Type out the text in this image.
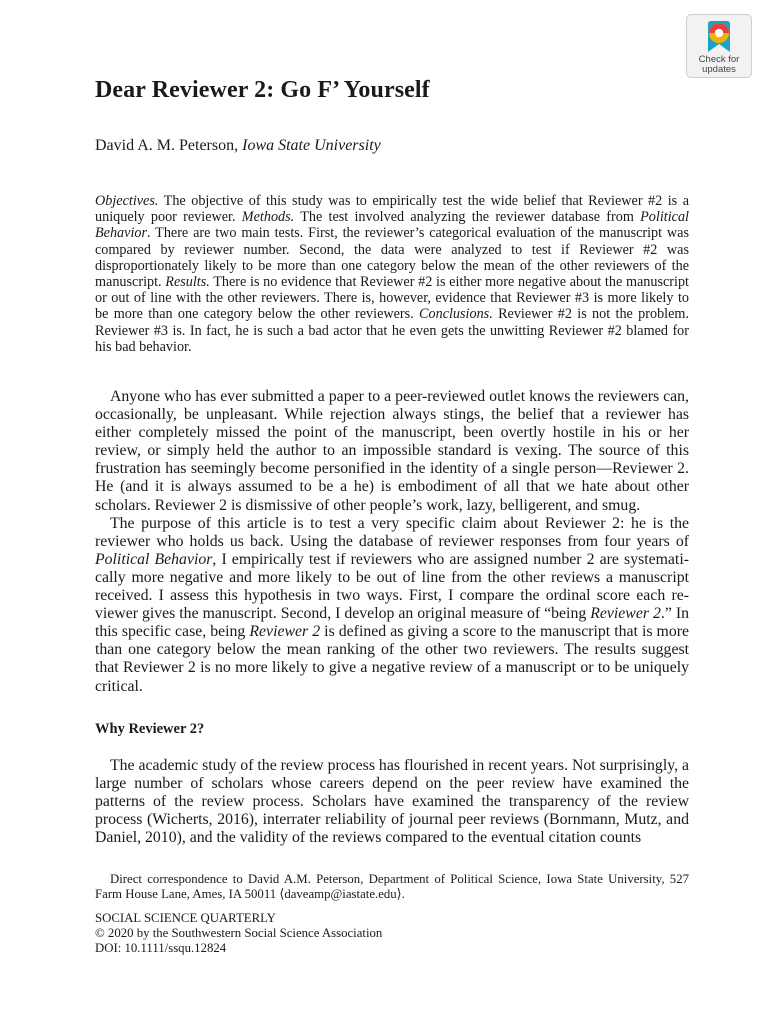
Check for
updates
Dear Reviewer 2: Go F’ Yourself
David A. M. Peterson, Iowa State University
Objectives. The objective of this study was to empirically test the wide belief that Reviewer #2 is a uniquely poor reviewer. Methods. The test involved analyzing the reviewer database from Political Behavior. There are two main tests. First, the reviewer’s categorical evaluation of the manuscript was compared by reviewer number. Second, the data were analyzed to test if Reviewer #2 was disproportionately likely to be more than one category below the mean of the other reviewers of the manuscript. Results. There is no evidence that Reviewer #2 is either more negative about the manuscript or out of line with the other reviewers. There is, however, evidence that Reviewer #3 is more likely to be more than one category below the other reviewers. Conclusions. Reviewer #2 is not the problem. Reviewer #3 is. In fact, he is such a bad actor that he even gets the unwitting Reviewer #2 blamed for his bad behavior.

Anyone who has ever submitted a paper to a peer-reviewed outlet knows the reviewers can, occasionally, be unpleasant. While rejection always stings, the belief that a reviewer has either completely missed the point of the manuscript, been overtly hostile in his or her review, or simply held the author to an impossible standard is vexing. The source of this frustration has seemingly become personified in the identity of a single person—Reviewer 2. He (and it is always assumed to be a he) is embodiment of all that we hate about other scholars. Reviewer 2 is dismissive of other people’s work, lazy, belligerent, and smug.

The purpose of this article is to test a very specific claim about Reviewer 2: he is the reviewer who holds us back. Using the database of reviewer responses from four years of Political Behavior, I empirically test if reviewers who are assigned number 2 are systematically more negative and more likely to be out of line from the other reviews a manuscript received. I assess this hypothesis in two ways. First, I compare the ordinal score each reviewer gives the manuscript. Second, I develop an original measure of “being Reviewer 2.” In this specific case, being Reviewer 2 is defined as giving a score to the manuscript that is more than one category below the mean ranking of the other two reviewers. The results suggest that Reviewer 2 is no more likely to give a negative review of a manuscript or to be uniquely critical.

Why Reviewer 2?

The academic study of the review process has flourished in recent years. Not surprisingly, a large number of scholars whose careers depend on the peer review have examined the patterns of the review process. Scholars have examined the transparency of the review process (Wicherts, 2016), interrater reliability of journal peer reviews (Bornmann, Mutz, and Daniel, 2010), and the validity of the reviews compared to the eventual citation counts

Direct correspondence to David A.M. Peterson, Department of Political Science, Iowa State University, 527 Farm House Lane, Ames, IA 50011 ⟨daveamp@iastate.edu⟩.

SOCIAL SCIENCE QUARTERLY
© 2020 by the Southwestern Social Science Association
DOI: 10.1111/ssqu.12824
